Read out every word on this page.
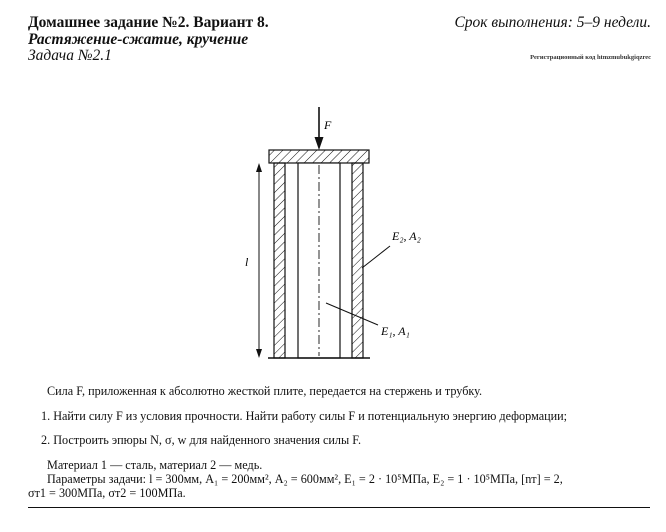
Домашнее задание №2. Вариант 8.
Растяжение-сжатие, кручение
Задача №2.1
Срок выполнения: 5–9 недели.
Регистрационный код htmzmubukgiqzrec
F
l
E₂, A₂
E₁, A₁
Сила F, приложенная к абсолютно жесткой плите, передается на стержень и трубку.
1. Найти силу F из условия прочности. Найти работу силы F и потенциальную энергию деформации;
2. Построить эпюры N, σ, w для найденного значения силы F.
Материал 1 — сталь, материал 2 — медь.
Параметры задачи: l = 300мм, A₁ = 200мм², A₂ = 600мм², E₁ = 2 · 10⁵МПа, E₂ = 1 · 10⁵МПа, [nт] = 2,
σт1 = 300МПа, σт2 = 100МПа.
